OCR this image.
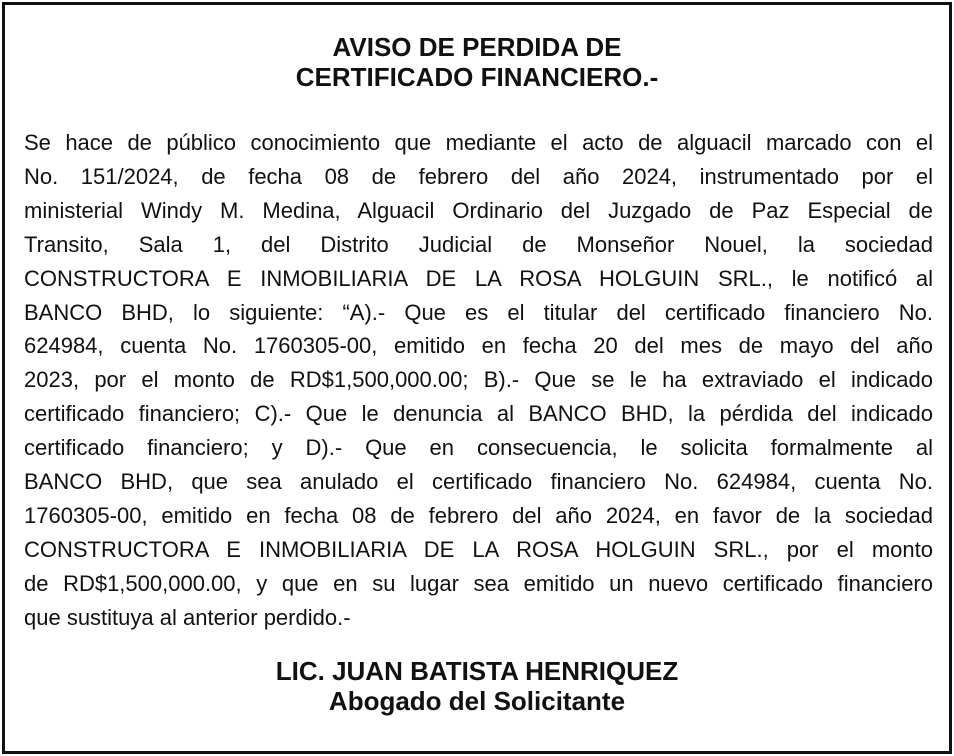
AVISO DE PERDIDA DE
CERTIFICADO FINANCIERO.-

Se hace de público conocimiento que mediante el acto de alguacil marcado con el
No. 151/2024, de fecha 08 de febrero del año 2024, instrumentado por el
ministerial Windy M. Medina, Alguacil Ordinario del Juzgado de Paz Especial de
Transito, Sala 1, del Distrito Judicial de Monseñor Nouel, la sociedad
CONSTRUCTORA E INMOBILIARIA DE LA ROSA HOLGUIN SRL., le notificó al
BANCO BHD, lo siguiente: “A).- Que es el titular del certificado financiero No.
624984, cuenta No. 1760305-00, emitido en fecha 20 del mes de mayo del año
2023, por el monto de RD$1,500,000.00; B).- Que se le ha extraviado el indicado
certificado financiero; C).- Que le denuncia al BANCO BHD, la pérdida del indicado
certificado financiero; y D).- Que en consecuencia, le solicita formalmente al
BANCO BHD, que sea anulado el certificado financiero No. 624984, cuenta No.
1760305-00, emitido en fecha 08 de febrero del año 2024, en favor de la sociedad
CONSTRUCTORA E INMOBILIARIA DE LA ROSA HOLGUIN SRL., por el monto
de RD$1,500,000.00, y que en su lugar sea emitido un nuevo certificado financiero
que sustituya al anterior perdido.-

LIC. JUAN BATISTA HENRIQUEZ
Abogado del Solicitante
